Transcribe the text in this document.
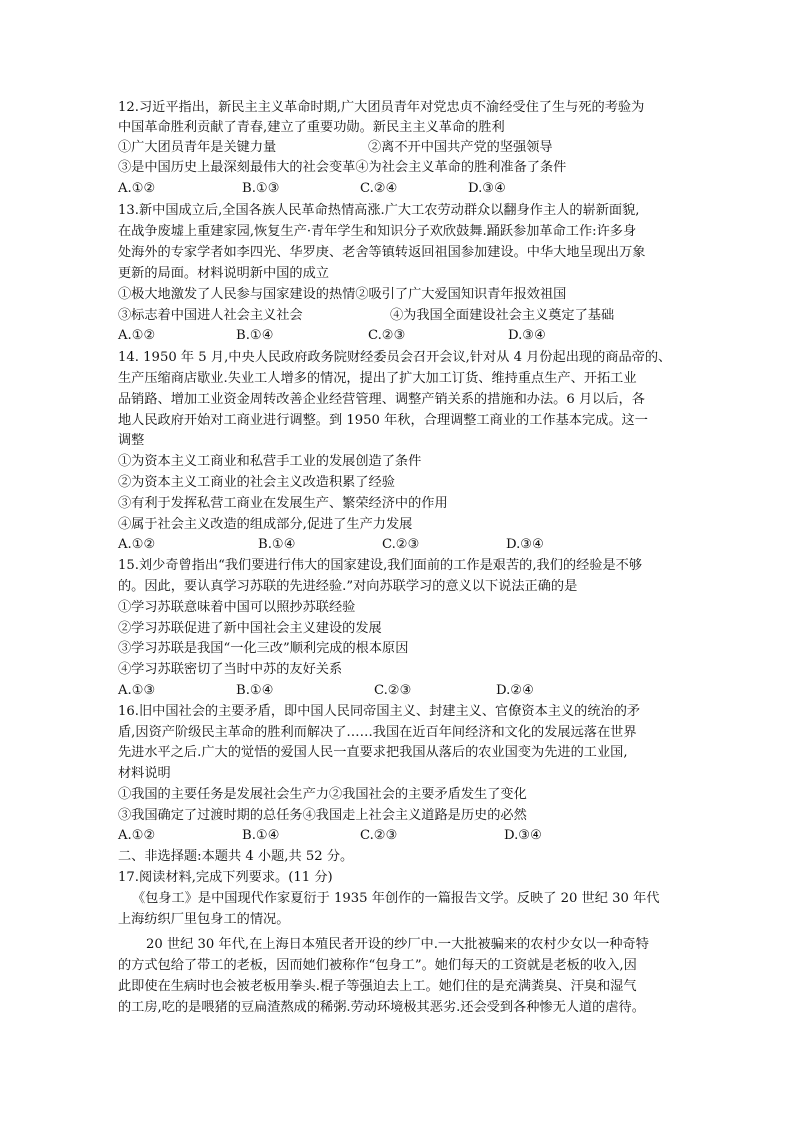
12.习近平指出，新民主主义革命时期,广大团员青年对党忠贞不渝经受住了生与死的考验为
中国革命胜利贡献了青春,建立了重要功勋。新民主主义革命的胜利
①广大团员青年是关键力量	②离不开中国共产党的坚强领导
③是中国历史上最深刻最伟大的社会变革④为社会主义革命的胜利准备了条件
A.①②	B.①③	C.②④	D.③④
13.新中国成立后,全国各族人民革命热情高涨.广大工农劳动群众以翻身作主人的崭新面貌,
在战争废墟上重建家园,恢复生产·青年学生和知识分子欢欣鼓舞.踊跃参加革命工作:许多身
处海外的专家学者如李四光、华罗庚、老舍等镇转返回祖国参加建设。中华大地呈现出万象
更新的局面。材料说明新中国的成立
①极大地激发了人民参与国家建设的热情②吸引了广大爱国知识青年报效祖国
③标志着中国进人社会主义社会	④为我国全面建设社会主义奠定了基础
A.①②	B.①④	C.②③	D.③④
14. 1950 年 5 月,中央人民政府政务院财经委员会召开会议,针对从 4 月份起出现的商品帝的、
生产压缩商店歇业.失业工人增多的情况，提出了扩大加工订货、维持重点生产、开拓工业
品销路、增加工业资金周转改善企业经营管理、调整产销关系的措施和办法。6 月以后，各
地人民政府开始对工商业进行调整。到 1950 年秋，合理调整工商业的工作基本完成。这一
调整
①为资本主义工商业和私营手工业的发展创造了条件
②为资本主义工商业的社会主义改造积累了经验
③有利于发挥私营工商业在发展生产、繁荣经济中的作用
④属于社会主义改造的组成部分,促进了生产力发展
A.①②	B.①④	C.②③	D.③④
15.刘少奇曾指出“我们要进行伟大的国家建设,我们面前的工作是艰苦的,我们的经验是不够
的。因此，要认真学习苏联的先进经验.”对向苏联学习的意义以下说法正确的是
①学习苏联意味着中国可以照抄苏联经验
②学习苏联促进了新中国社会主义建设的发展
③学习苏联是我国“一化三改”顺利完成的根本原因
④学习苏联密切了当时中苏的友好关系
A.①③	B.①④	C.②③	D.②④
16.旧中国社会的主要矛盾，即中国人民同帝国主义、封建主义、官僚资本主义的统治的矛
盾,因资产阶级民主革命的胜利而解决了……我国在近百年间经济和文化的发展远落在世界
先进水平之后.广大的觉悟的爱国人民一直要求把我国从落后的农业国变为先进的工业国,
材料说明
①我国的主要任务是发展社会生产力②我国社会的主要矛盾发生了变化
③我国确定了过渡时期的总任务④我国走上社会主义道路是历史的必然
A.①②	B.①④	C.②③	D.③④
二、非选择题:本题共 4 小题,共 52 分。
17.阅读材料,完成下列要求。(11 分)
《包身工》是中国现代作家夏衍于 1935 年创作的一篇报告文学。反映了 20 世纪 30 年代
上海纺织厂里包身工的情况。
20 世纪 30 年代,在上海日本殖民者开设的纱厂中.一大批被骗来的农村少女以一种奇特
的方式包给了带工的老板，因而她们被称作“包身工”。她们每天的工资就是老板的收入,因
此即使在生病时也会被老板用拳头.棍子等强迫去上工。她们住的是充满粪臭、汗臭和湿气
的工房,吃的是喂猪的豆扁渣熬成的稀粥.劳动环境极其恶劣.还会受到各种惨无人道的虐待。
